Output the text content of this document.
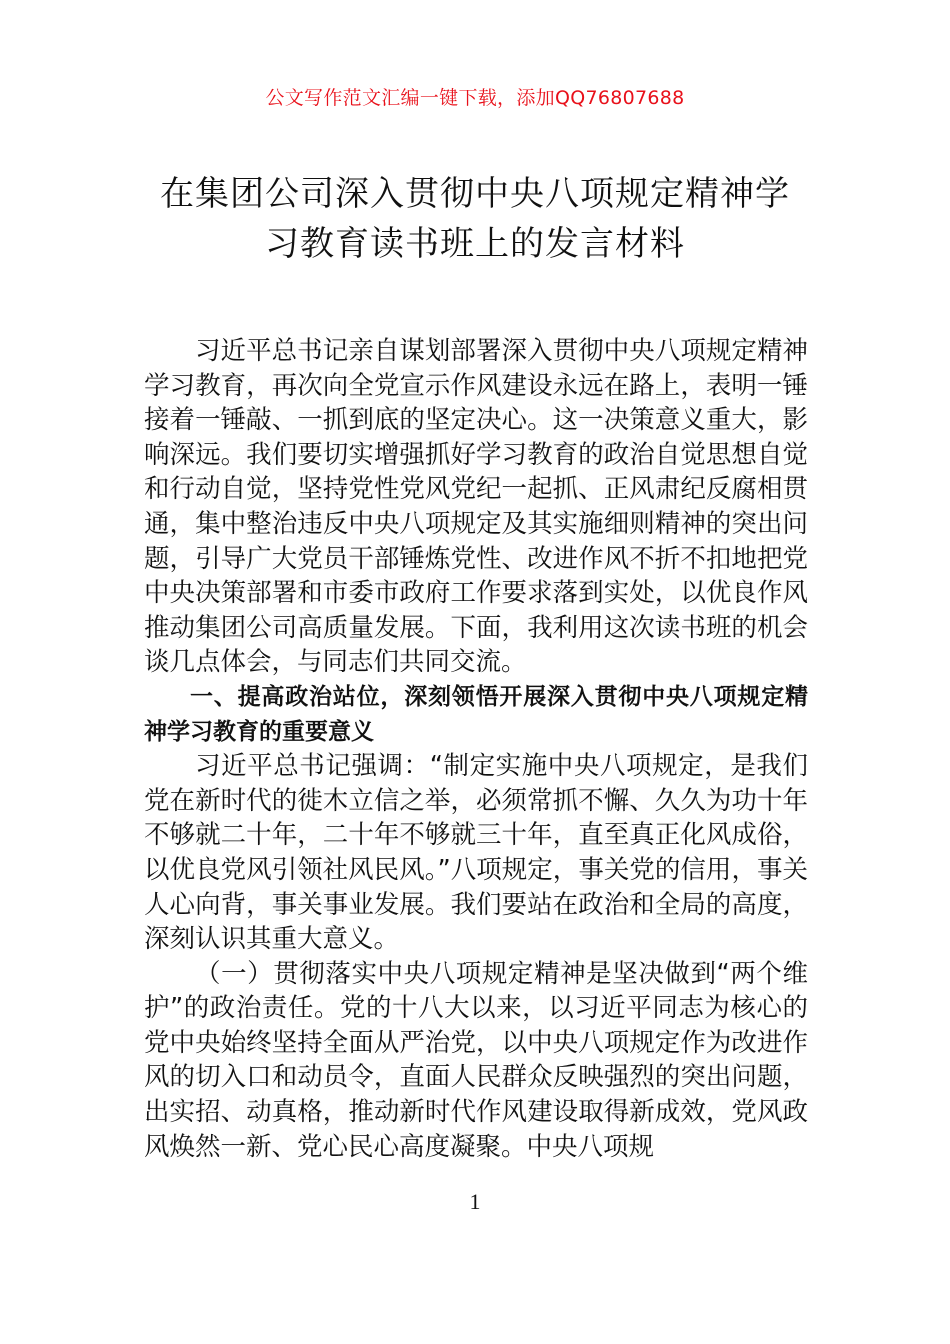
公文写作范文汇编一键下载，添加QQ76807688
在集团公司深入贯彻中央八项规定精神学
习教育读书班上的发言材料

习近平总书记亲自谋划部署深入贯彻中央八项规定精神学习教育，再次向全党宣示作风建设永远在路上，表明一锤接着一锤敲、一抓到底的坚定决心。这一决策意义重大，影响深远。我们要切实增强抓好学习教育的政治自觉思想自觉和行动自觉，坚持党性党风党纪一起抓、正风肃纪反腐相贯通，集中整治违反中央八项规定及其实施细则精神的突出问题，引导广大党员干部锤炼党性、改进作风不折不扣地把党中央决策部署和市委市政府工作要求落到实处，以优良作风推动集团公司高质量发展。下面，我利用这次读书班的机会谈几点体会，与同志们共同交流。

一、提高政治站位，深刻领悟开展深入贯彻中央八项规定精神学习教育的重要意义

习近平总书记强调：“制定实施中央八项规定，是我们党在新时代的徙木立信之举，必须常抓不懈、久久为功十年不够就二十年，二十年不够就三十年，直至真正化风成俗，以优良党风引领社风民风。”八项规定，事关党的信用，事关人心向背，事关事业发展。我们要站在政治和全局的高度，深刻认识其重大意义。

（一）贯彻落实中央八项规定精神是坚决做到“两个维护”的政治责任。党的十八大以来，以习近平同志为核心的党中央始终坚持全面从严治党，以中央八项规定作为改进作风的切入口和动员令，直面人民群众反映强烈的突出问题，出实招、动真格，推动新时代作风建设取得新成效，党风政风焕然一新、党心民心高度凝聚。中央八项规

1
